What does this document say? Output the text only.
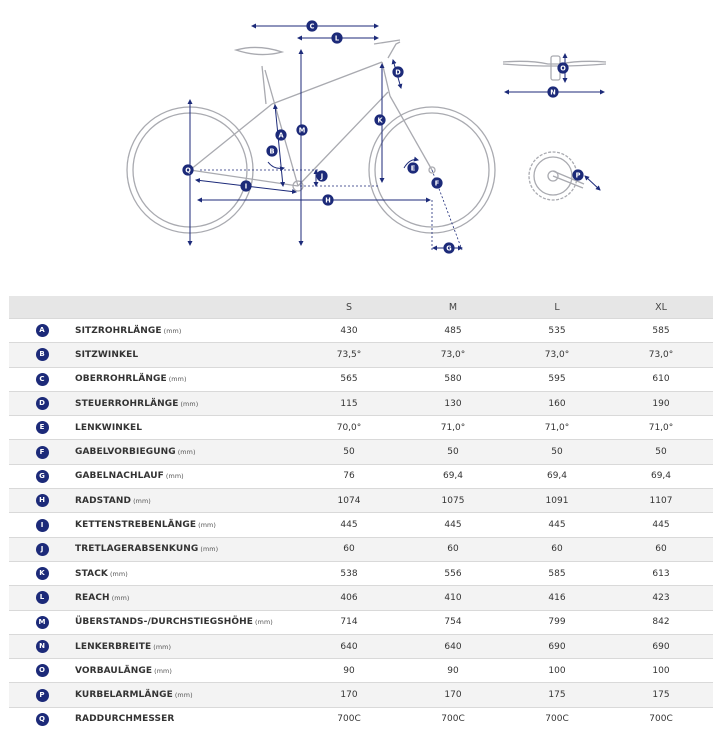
C
L
D
K
M
A
B
Q
I
J
H
E
F
G
N
O
P
		S	M	L	XL
A	SITZROHRLÄNGE (mm)	430	485	535	585
B	SITZWINKEL	73,5°	73,0°	73,0°	73,0°
C	OBERROHRLÄNGE (mm)	565	580	595	610
D	STEUERROHRLÄNGE (mm)	115	130	160	190
E	LENKWINKEL	70,0°	71,0°	71,0°	71,0°
F	GABELVORBIEGUNG (mm)	50	50	50	50
G	GABELNACHLAUF (mm)	76	69,4	69,4	69,4
H	RADSTAND (mm)	1074	1075	1091	1107
I	KETTENSTREBENLÄNGE (mm)	445	445	445	445
J	TRETLAGERABSENKUNG (mm)	60	60	60	60
K	STACK (mm)	538	556	585	613
L	REACH (mm)	406	410	416	423
M	ÜBERSTANDS-/DURCHSTIEGSHÖHE (mm)	714	754	799	842
N	LENKERBREITE (mm)	640	640	690	690
O	VORBAULÄNGE (mm)	90	90	100	100
P	KURBELARMLÄNGE (mm)	170	170	175	175
Q	RADDURCHMESSER	700C	700C	700C	700C
